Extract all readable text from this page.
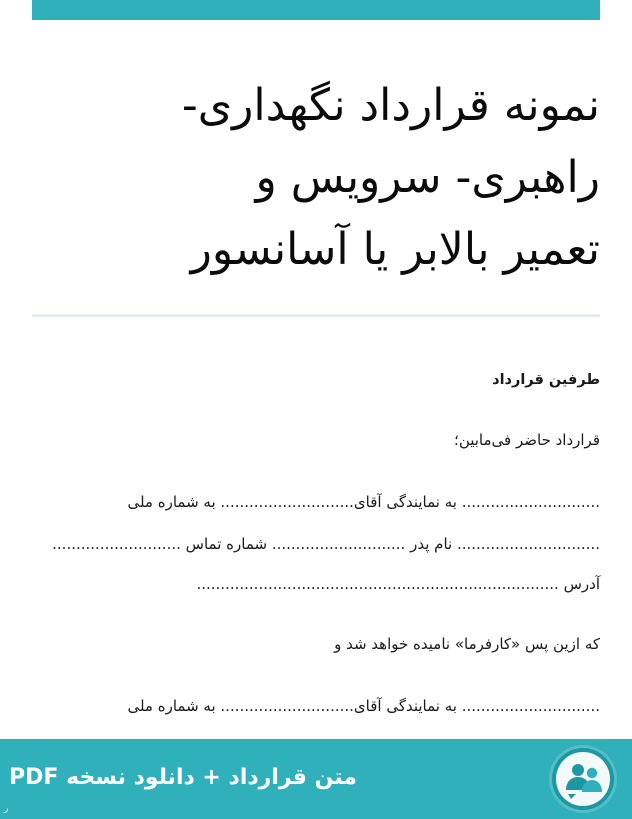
نمونه قرارداد نگهداری-
راهبری- سرویس و
تعمیر بالابر یا آسانسور
طرفین قرارداد
قرارداد حاضر فی‌مابین؛
............................. به نمایندگی آقای............................ به شماره ملی
.............................. نام پدر ............................ شماره تماس ...........................
آدرس ............................................................................
که ازین پس «کارفرما» نامیده خواهد شد و
............................. به نمایندگی آقای............................ به شماره ملی
متن قرارداد + دانلود نسخه PDF
ر
